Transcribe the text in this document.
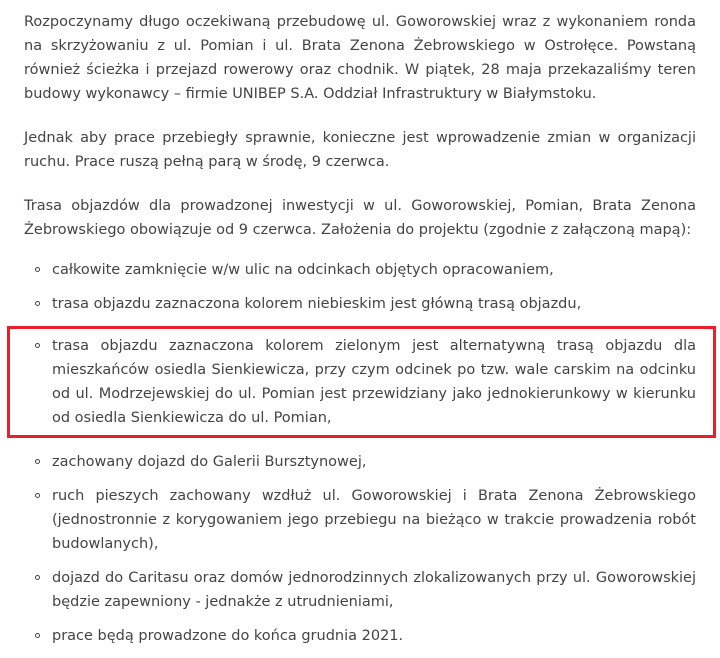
Rozpoczynamy długo oczekiwaną przebudowę ul. Goworowskiej wraz z wykonaniem ronda na skrzyżowaniu z ul. Pomian i ul. Brata Zenona Żebrowskiego w Ostrołęce. Powstaną również ścieżka i przejazd rowerowy oraz chodnik. W piątek, 28 maja przekazaliśmy teren budowy wykonawcy – firmie UNIBEP S.A. Oddział Infrastruktury w Białymstoku.

Jednak aby prace przebiegły sprawnie, konieczne jest wprowadzenie zmian w organizacji ruchu. Prace ruszą pełną parą w środę, 9 czerwca.

Trasa objazdów dla prowadzonej inwestycji w ul. Goworowskiej, Pomian, Brata Zenona Żebrowskiego obowiązuje od 9 czerwca. Założenia do projektu (zgodnie z załączoną mapą):

całkowite zamknięcie w/w ulic na odcinkach objętych opracowaniem,
trasa objazdu zaznaczona kolorem niebieskim jest główną trasą objazdu,
trasa objazdu zaznaczona kolorem zielonym jest alternatywną trasą objazdu dla mieszkańców osiedla Sienkiewicza, przy czym odcinek po tzw. wale carskim na odcinku od ul. Modrzejewskiej do ul. Pomian jest przewidziany jako jednokierunkowy w kierunku od osiedla Sienkiewicza do ul. Pomian,
zachowany dojazd do Galerii Bursztynowej,
ruch pieszych zachowany wzdłuż ul. Goworowskiej i Brata Zenona Żebrowskiego (jednostronnie z korygowaniem jego przebiegu na bieżąco w trakcie prowadzenia robót budowlanych),
dojazd do Caritasu oraz domów jednorodzinnych zlokalizowanych przy ul. Goworowskiej będzie zapewniony - jednakże z utrudnieniami,
prace będą prowadzone do końca grudnia 2021.
